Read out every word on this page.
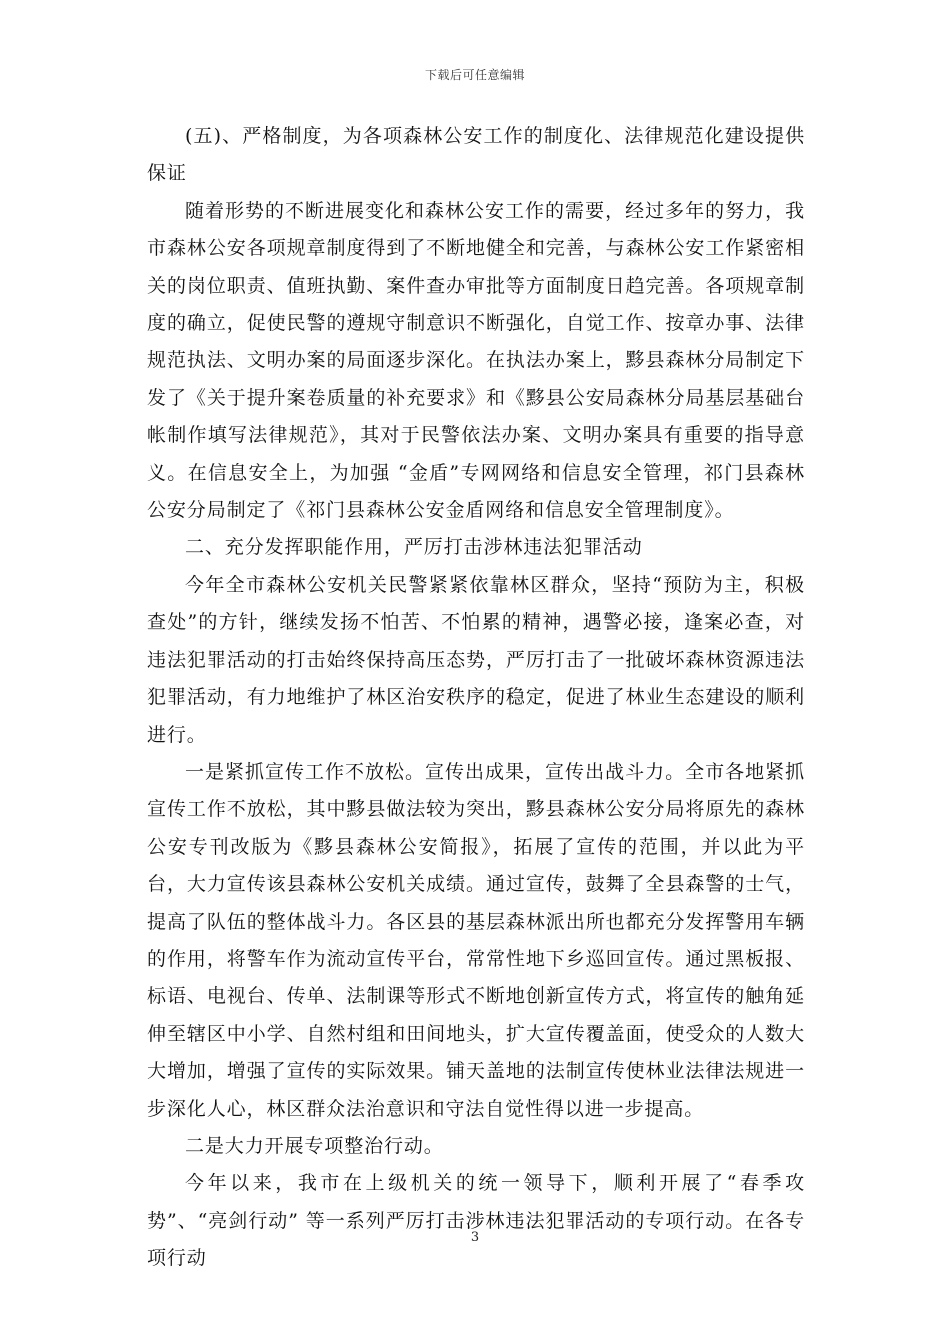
下载后可任意编辑

(五)、严格制度，为各项森林公安工作的制度化、法律规范化建设提供保证

随着形势的不断进展变化和森林公安工作的需要，经过多年的努力，我市森林公安各项规章制度得到了不断地健全和完善，与森林公安工作紧密相关的岗位职责、值班执勤、案件查办审批等方面制度日趋完善。各项规章制度的确立，促使民警的遵规守制意识不断强化，自觉工作、按章办事、法律规范执法、文明办案的局面逐步深化。在执法办案上，黟县森林分局制定下发了《关于提升案卷质量的补充要求》和《黟县公安局森林分局基层基础台帐制作填写法律规范》，其对于民警依法办案、文明办案具有重要的指导意义。在信息安全上，为加强 “金盾”专网网络和信息安全管理，祁门县森林公安分局制定了《祁门县森林公安金盾网络和信息安全管理制度》。

二、充分发挥职能作用，严厉打击涉林违法犯罪活动

今年全市森林公安机关民警紧紧依靠林区群众，坚持“预防为主，积极查处”的方针，继续发扬不怕苦、不怕累的精神，遇警必接，逢案必查，对违法犯罪活动的打击始终保持高压态势，严厉打击了一批破坏森林资源违法犯罪活动，有力地维护了林区治安秩序的稳定，促进了林业生态建设的顺利进行。

一是紧抓宣传工作不放松。宣传出成果，宣传出战斗力。全市各地紧抓宣传工作不放松，其中黟县做法较为突出，黟县森林公安分局将原先的森林公安专刊改版为《黟县森林公安简报》，拓展了宣传的范围，并以此为平台，大力宣传该县森林公安机关成绩。通过宣传，鼓舞了全县森警的士气，提高了队伍的整体战斗力。各区县的基层森林派出所也都充分发挥警用车辆的作用，将警车作为流动宣传平台，常常性地下乡巡回宣传。通过黑板报、标语、电视台、传单、法制课等形式不断地创新宣传方式，将宣传的触角延伸至辖区中小学、自然村组和田间地头，扩大宣传覆盖面，使受众的人数大大增加，增强了宣传的实际效果。铺天盖地的法制宣传使林业法律法规进一步深化人心，林区群众法治意识和守法自觉性得以进一步提高。

二是大力开展专项整治行动。

今年以来，我市在上级机关的统一领导下，顺利开展了“春季攻势”、“亮剑行动” 等一系列严厉打击涉林违法犯罪活动的专项行动。在各专项行动

3
